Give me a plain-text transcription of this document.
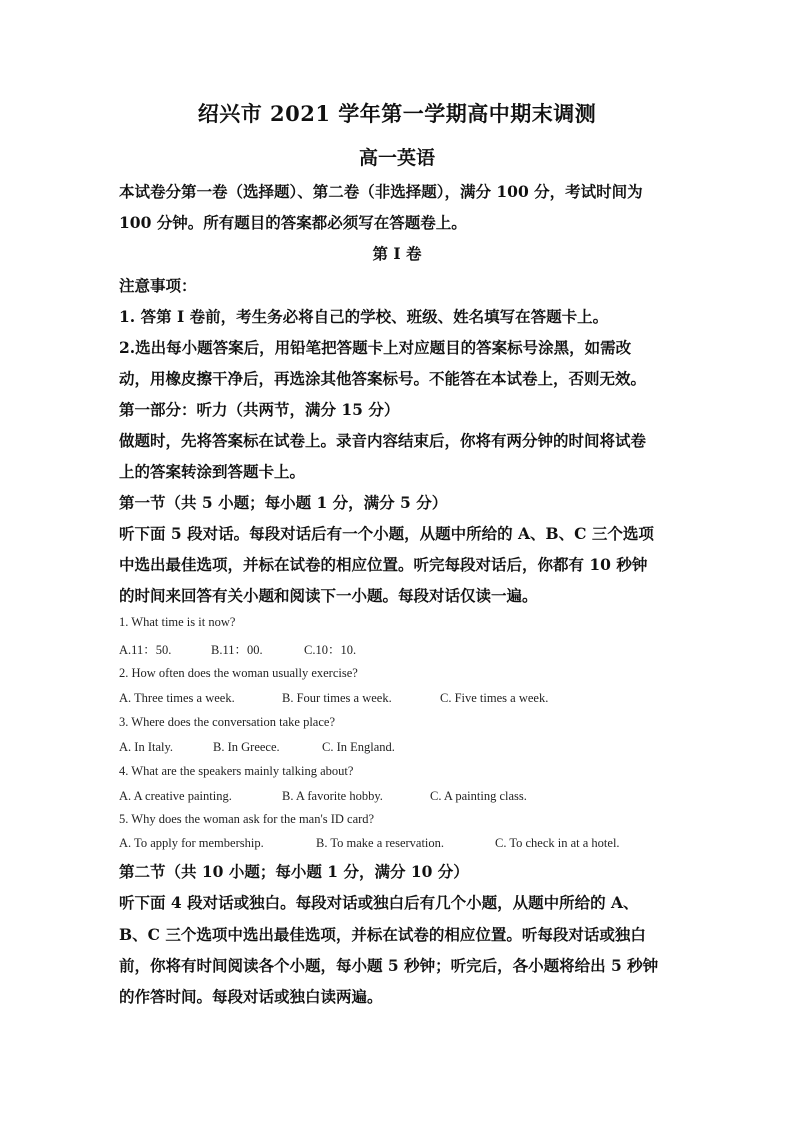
绍兴市 2021 学年第一学期高中期末调测
高一英语
本试卷分第一卷（选择题）、第二卷（非选择题），满分 100 分，考试时间为
100 分钟。所有题目的答案都必须写在答题卷上。
第 I 卷
注意事项：
1. 答第 I 卷前，考生务必将自己的学校、班级、姓名填写在答题卡上。
2.选出每小题答案后，用铅笔把答题卡上对应题目的答案标号涂黑，如需改
动，用橡皮擦干净后，再选涂其他答案标号。不能答在本试卷上，否则无效。
第一部分：听力（共两节，满分 15 分）
做题时，先将答案标在试卷上。录音内容结束后，你将有两分钟的时间将试卷
上的答案转涂到答题卡上。
第一节（共 5 小题；每小题 1 分，满分 5 分）
听下面 5 段对话。每段对话后有一个小题，从题中所给的 A、B、C 三个选项
中选出最佳选项，并标在试卷的相应位置。听完每段对话后，你都有 10 秒钟
的时间来回答有关小题和阅读下一小题。每段对话仅读一遍。
1. What time is it now?
A.11：50.	B.11：00.	C.10：10.
2. How often does the woman usually exercise?
A. Three times a week.	B. Four times a week.	C. Five times a week.
3. Where does the conversation take place?
A. In Italy.	B. In Greece.	C. In England.
4. What are the speakers mainly talking about?
A. A creative painting.	B. A favorite hobby.	C. A painting class.
5. Why does the woman ask for the man's ID card?
A. To apply for membership.	B. To make a reservation.	C. To check in at a hotel.
第二节（共 10 小题；每小题 1 分，满分 10 分）
听下面 4 段对话或独白。每段对话或独白后有几个小题，从题中所给的 A、
B、C 三个选项中选出最佳选项，并标在试卷的相应位置。听每段对话或独白
前，你将有时间阅读各个小题，每小题 5 秒钟；听完后，各小题将给出 5 秒钟
的作答时间。每段对话或独白读两遍。
